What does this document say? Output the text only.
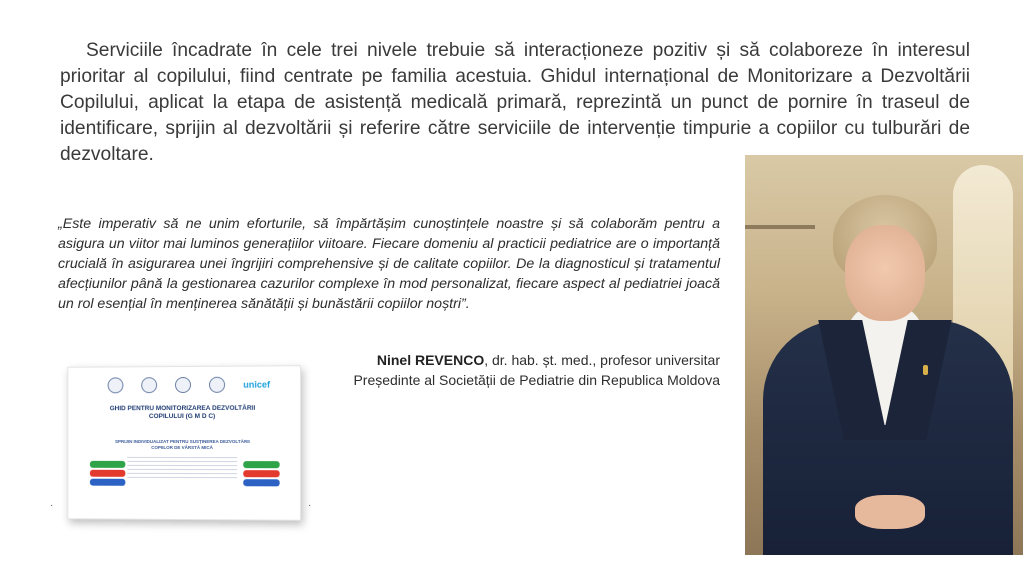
Serviciile încadrate în cele trei nivele trebuie să interacționeze pozitiv și să colaboreze în interesul prioritar al copilului, fiind centrate pe familia acestuia. Ghidul internațional de Monitorizare a Dezvoltării Copilului, aplicat la etapa de asistență medicală primară, reprezintă un punct de pornire în traseul de identificare, sprijin al dezvoltării și referire către serviciile de intervenție timpurie a copiilor cu tulburări de dezvoltare.

„Este imperativ să ne unim eforturile, să împărtășim cunoștințele noastre și să colaborăm pentru a asigura un viitor mai luminos generațiilor viitoare. Fiecare domeniu al practicii pediatrice are o importanță crucială în asigurarea unei îngrijiri comprehensive și de calitate copiilor. De la diagnosticul și tratamentul afecțiunilor până la gestionarea cazurilor complexe în mod personalizat, fiecare aspect al pediatriei joacă un rol esențial în menținerea sănătății și bunăstării copiilor noștri”.

Ninel REVENCO, dr. hab. șt. med., profesor universitar
Președinte al Societății de Pediatrie din Republica Moldova
unicef
GHID PENTRU MONITORIZAREA DEZVOLTĂRII COPILULUI (G M D C)
SPRIJIN INDIVIDUALIZAT PENTRU SUSȚINEREA DEZVOLTĂRII COPIILOR DE VÂRSTĂ MICĂ
·	·
